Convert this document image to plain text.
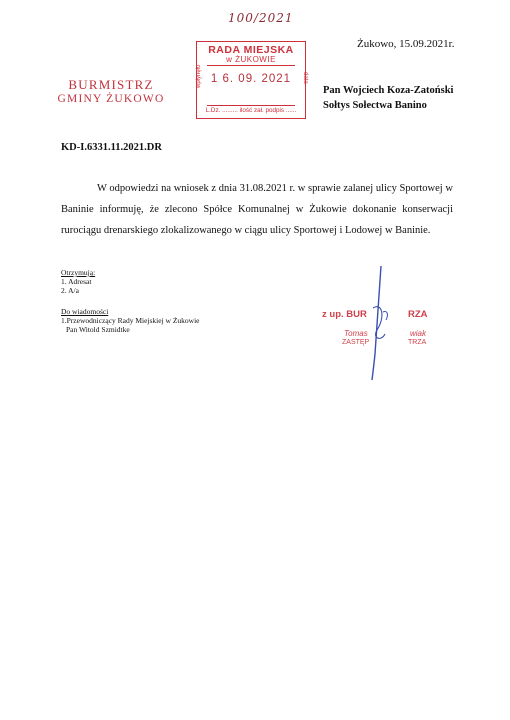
100/2021
RADA MIEJSKA
w ŻUKOWIE
wpłynęło	data
1 6. 09. 2021
L.Dz. ......... ilość zał. podpis ......
BURMISTRZ
GMINY ŻUKOWO
Żukowo, 15.09.2021r.
Pan Wojciech Koza-Zatoński
Sołtys Sołectwa Banino
KD-I.6331.11.2021.DR
W odpowiedzi na wniosek z dnia 31.08.2021 r. w sprawie zalanej ulicy Sportowej w Baninie informuję, że zlecono Spółce Komunalnej w Żukowie dokonanie konserwacji rurociągu drenarskiego zlokalizowanego w ciągu ulicy Sportowej i Lodowej w Baninie.
Otrzymują:
1. Adresat
2. A/a
Do wiadomości
1.Przewodniczący Rady Miejskiej w Żukowie
Pan Witold Szmidtke
z up. BUR	RZA
Tomas	wiak
ZASTĘP	TRZA
